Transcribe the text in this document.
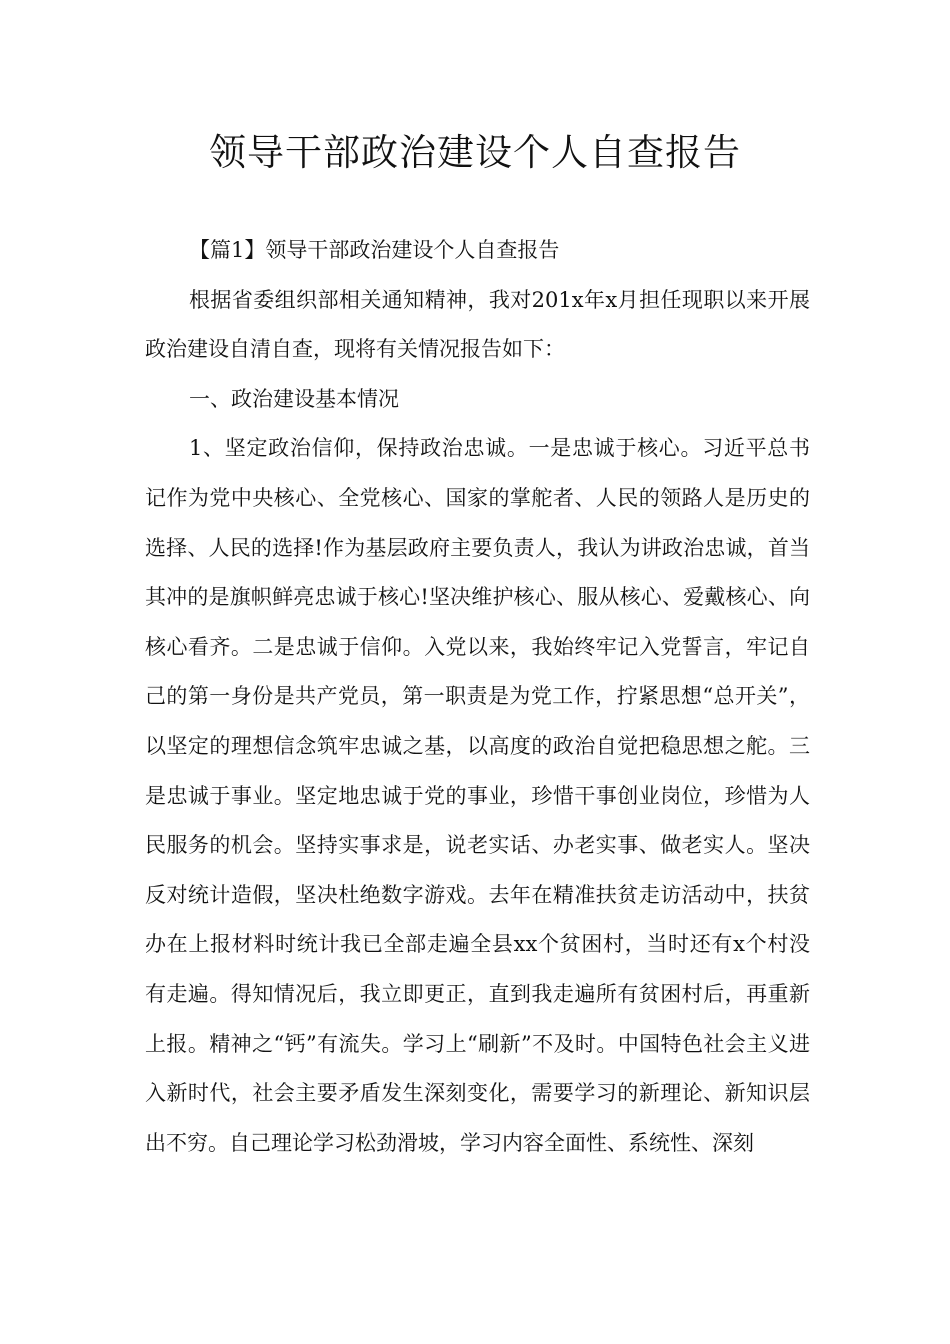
领导干部政治建设个人自查报告

【篇1】领导干部政治建设个人自查报告

根据省委组织部相关通知精神，我对201x年x月担任现职以来开展政治建设自清自查，现将有关情况报告如下：

一、政治建设基本情况

1、坚定政治信仰，保持政治忠诚。一是忠诚于核心。习近平总书记作为党中央核心、全党核心、国家的掌舵者、人民的领路人是历史的选择、人民的选择!作为基层政府主要负责人，我认为讲政治忠诚，首当其冲的是旗帜鲜亮忠诚于核心!坚决维护核心、服从核心、爱戴核心、向核心看齐。二是忠诚于信仰。入党以来，我始终牢记入党誓言，牢记自己的第一身份是共产党员，第一职责是为党工作，拧紧思想“总开关”，以坚定的理想信念筑牢忠诚之基，以高度的政治自觉把稳思想之舵。三是忠诚于事业。坚定地忠诚于党的事业，珍惜干事创业岗位，珍惜为人民服务的机会。坚持实事求是，说老实话、办老实事、做老实人。坚决反对统计造假，坚决杜绝数字游戏。去年在精准扶贫走访活动中，扶贫办在上报材料时统计我已全部走遍全县xx个贫困村，当时还有x个村没有走遍。得知情况后，我立即更正，直到我走遍所有贫困村后，再重新上报。精神之“钙”有流失。学习上“刷新”不及时。中国特色社会主义进入新时代，社会主要矛盾发生深刻变化，需要学习的新理论、新知识层出不穷。自己理论学习松劲滑坡，学习内容全面性、系统性、深刻
